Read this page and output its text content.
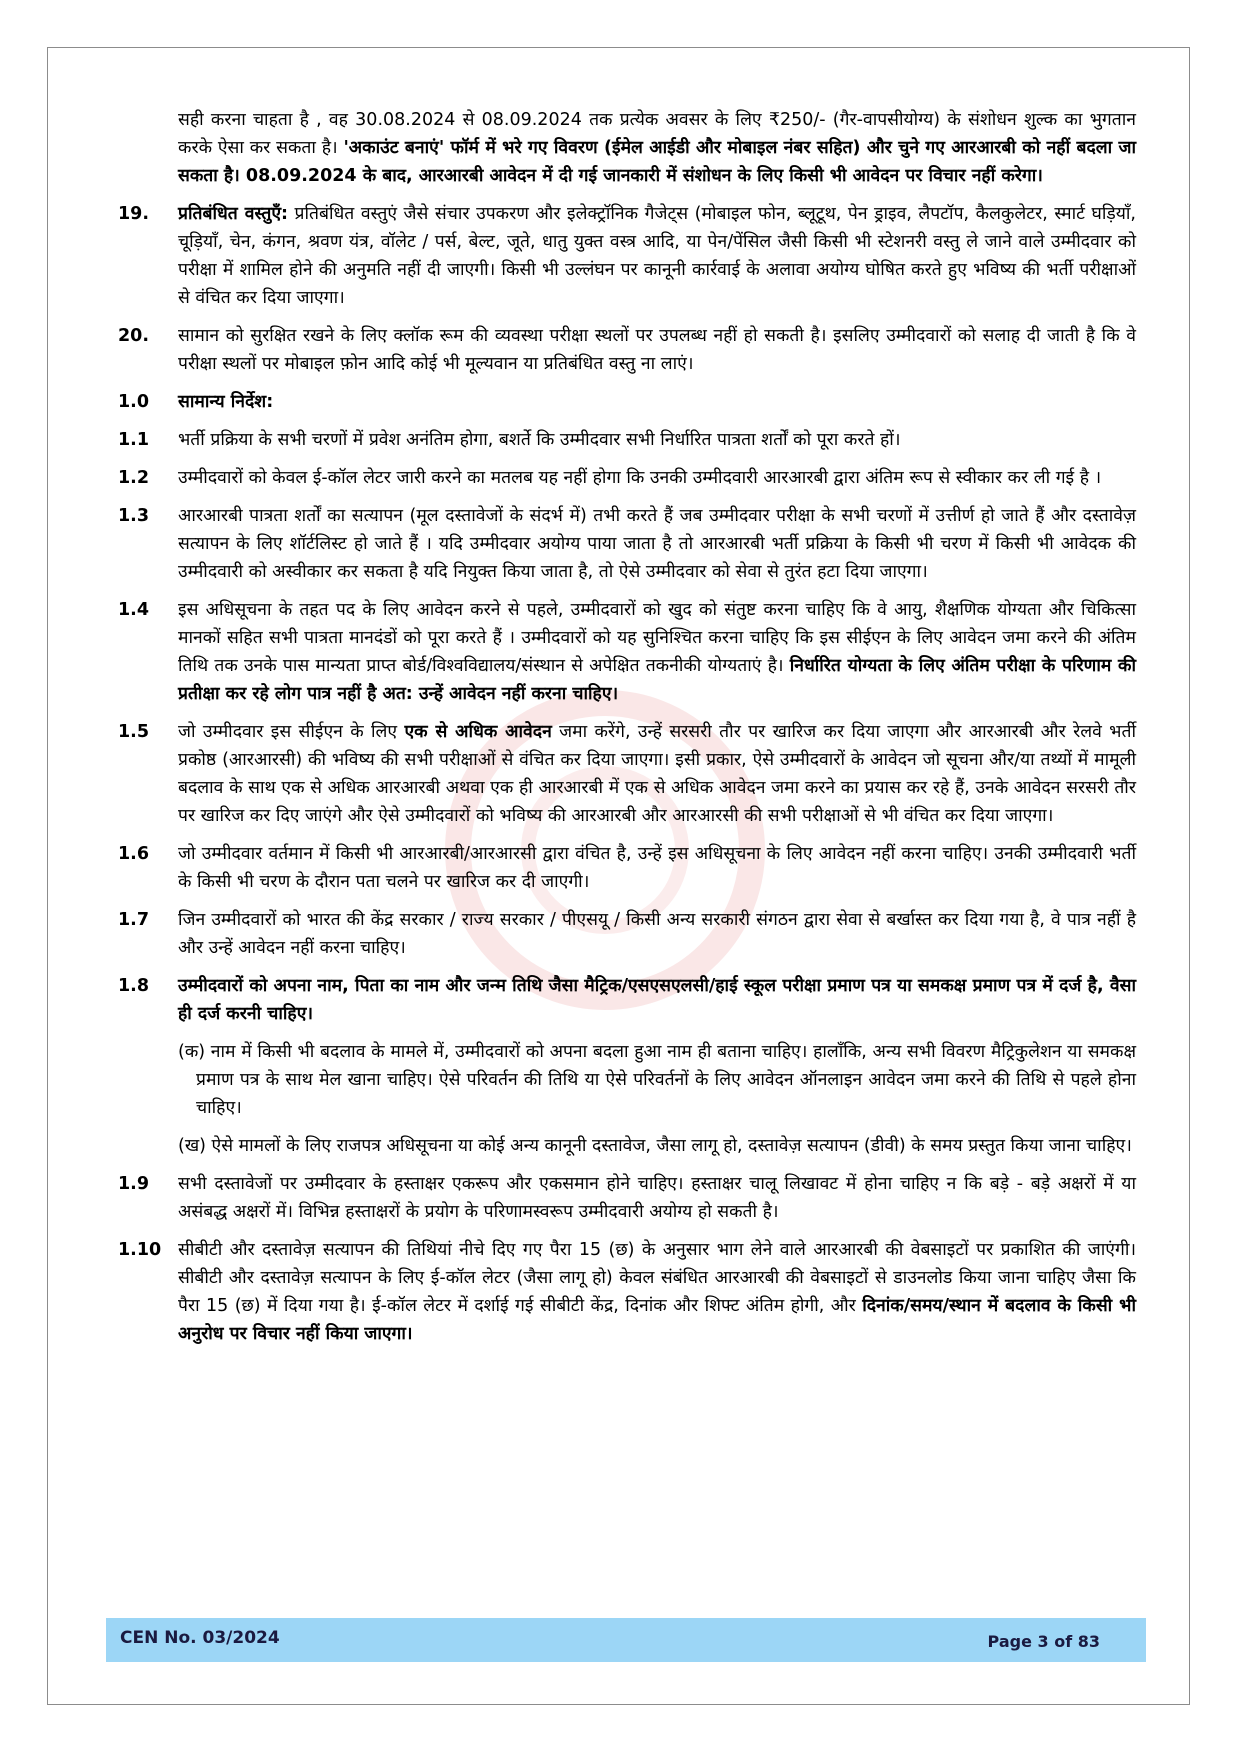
सही करना चाहता है , वह 30.08.2024 से 08.09.2024 तक प्रत्येक अवसर के लिए ₹250/- (गैर-वापसीयोग्य) के संशोधन शुल्क का भुगतान करके ऐसा कर सकता है। 'अकाउंट बनाएं' फॉर्म में भरे गए विवरण (ईमेल आईडी और मोबाइल नंबर सहित) और चुने गए आरआरबी को नहीं बदला जा सकता है। 08.09.2024 के बाद, आरआरबी आवेदन में दी गई जानकारी में संशोधन के लिए किसी भी आवेदन पर विचार नहीं करेगा।

19. प्रतिबंधित वस्तुएँ: प्रतिबंधित वस्तुएं जैसे संचार उपकरण और इलेक्ट्रॉनिक गैजेट्स (मोबाइल फोन, ब्लूटूथ, पेन ड्राइव, लैपटॉप, कैलकुलेटर, स्मार्ट घड़ियाँ, चूड़ियाँ, चेन, कंगन, श्रवण यंत्र, वॉलेट / पर्स, बेल्ट, जूते, धातु युक्त वस्त्र आदि, या पेन/पेंसिल जैसी किसी भी स्टेशनरी वस्तु ले जाने वाले उम्मीदवार को परीक्षा में शामिल होने की अनुमति नहीं दी जाएगी। किसी भी उल्लंघन पर कानूनी कार्रवाई के अलावा अयोग्य घोषित करते हुए भविष्य की भर्ती परीक्षाओं से वंचित कर दिया जाएगा।

20. सामान को सुरक्षित रखने के लिए क्लॉक रूम की व्यवस्था परीक्षा स्थलों पर उपलब्ध नहीं हो सकती है। इसलिए उम्मीदवारों को सलाह दी जाती है कि वे परीक्षा स्थलों पर मोबाइल फ़ोन आदि कोई भी मूल्यवान या प्रतिबंधित वस्तु ना लाएं।

1.0 सामान्य निर्देश:

1.1 भर्ती प्रक्रिया के सभी चरणों में प्रवेश अनंतिम होगा, बशर्ते कि उम्मीदवार सभी निर्धारित पात्रता शर्तों को पूरा करते हों।

1.2 उम्मीदवारों को केवल ई-कॉल लेटर जारी करने का मतलब यह नहीं होगा कि उनकी उम्मीदवारी आरआरबी द्वारा अंतिम रूप से स्वीकार कर ली गई है ।

1.3 आरआरबी पात्रता शर्तों का सत्यापन (मूल दस्तावेजों के संदर्भ में) तभी करते हैं जब उम्मीदवार परीक्षा के सभी चरणों में उत्तीर्ण हो जाते हैं और दस्तावेज़ सत्यापन के लिए शॉर्टलिस्ट हो जाते हैं । यदि उम्मीदवार अयोग्य पाया जाता है तो आरआरबी भर्ती प्रक्रिया के किसी भी चरण में किसी भी आवेदक की उम्मीदवारी को अस्वीकार कर सकता है यदि नियुक्त किया जाता है, तो ऐसे उम्मीदवार को सेवा से तुरंत हटा दिया जाएगा।

1.4 इस अधिसूचना के तहत पद के लिए आवेदन करने से पहले, उम्मीदवारों को खुद को संतुष्ट करना चाहिए कि वे आयु, शैक्षणिक योग्यता और चिकित्सा मानकों सहित सभी पात्रता मानदंडों को पूरा करते हैं । उम्मीदवारों को यह सुनिश्चित करना चाहिए कि इस सीईएन के लिए आवेदन जमा करने की अंतिम तिथि तक उनके पास मान्यता प्राप्त बोर्ड/विश्वविद्यालय/संस्थान से अपेक्षित तकनीकी योग्यताएं है। निर्धारित योग्यता के लिए अंतिम परीक्षा के परिणाम की प्रतीक्षा कर रहे लोग पात्र नहीं है अत: उन्हें आवेदन नहीं करना चाहिए।

1.5 जो उम्मीदवार इस सीईएन के लिए एक से अधिक आवेदन जमा करेंगे, उन्हें सरसरी तौर पर खारिज कर दिया जाएगा और आरआरबी और रेलवे भर्ती प्रकोष्ठ (आरआरसी) की भविष्य की सभी परीक्षाओं से वंचित कर दिया जाएगा। इसी प्रकार, ऐसे उम्मीदवारों के आवेदन जो सूचना और/या तथ्यों में मामूली बदलाव के साथ एक से अधिक आरआरबी अथवा एक ही आरआरबी में एक से अधिक आवेदन जमा करने का प्रयास कर रहे हैं, उनके आवेदन सरसरी तौर पर खारिज कर दिए जाएंगे और ऐसे उम्मीदवारों को भविष्य की आरआरबी और आरआरसी की सभी परीक्षाओं से भी वंचित कर दिया जाएगा।

1.6 जो उम्मीदवार वर्तमान में किसी भी आरआरबी/आरआरसी द्वारा वंचित है, उन्हें इस अधिसूचना के लिए आवेदन नहीं करना चाहिए। उनकी उम्मीदवारी भर्ती के किसी भी चरण के दौरान पता चलने पर खारिज कर दी जाएगी।

1.7 जिन उम्मीदवारों को भारत की केंद्र सरकार / राज्य सरकार / पीएसयू / किसी अन्य सरकारी संगठन द्वारा सेवा से बर्खास्त कर दिया गया है, वे पात्र नहीं है और उन्हें आवेदन नहीं करना चाहिए।

1.8 उम्मीदवारों को अपना नाम, पिता का नाम और जन्म तिथि जैसा मैट्रिक/एसएसएलसी/हाई स्कूल परीक्षा प्रमाण पत्र या समकक्ष प्रमाण पत्र में दर्ज है, वैसा ही दर्ज करनी चाहिए।

(क) नाम में किसी भी बदलाव के मामले में, उम्मीदवारों को अपना बदला हुआ नाम ही बताना चाहिए। हालाँकि, अन्य सभी विवरण मैट्रिकुलेशन या समकक्ष प्रमाण पत्र के साथ मेल खाना चाहिए। ऐसे परिवर्तन की तिथि या ऐसे परिवर्तनों के लिए आवेदन ऑनलाइन आवेदन जमा करने की तिथि से पहले होना चाहिए।
(ख) ऐसे मामलों के लिए राजपत्र अधिसूचना या कोई अन्य कानूनी दस्तावेज, जैसा लागू हो, दस्तावेज़ सत्यापन (डीवी) के समय प्रस्तुत किया जाना चाहिए।

1.9 सभी दस्तावेजों पर उम्मीदवार के हस्ताक्षर एकरूप और एकसमान होने चाहिए। हस्ताक्षर चालू लिखावट में होना चाहिए न कि बड़े - बड़े अक्षरों में या असंबद्ध अक्षरों में। विभिन्न हस्ताक्षरों के प्रयोग के परिणामस्वरूप उम्मीदवारी अयोग्य हो सकती है।

1.10 सीबीटी और दस्तावेज़ सत्यापन की तिथियां नीचे दिए गए पैरा 15 (छ) के अनुसार भाग लेने वाले आरआरबी की वेबसाइटों पर प्रकाशित की जाएंगी। सीबीटी और दस्तावेज़ सत्यापन के लिए ई-कॉल लेटर (जैसा लागू हो) केवल संबंधित आरआरबी की वेबसाइटों से डाउनलोड किया जाना चाहिए जैसा कि पैरा 15 (छ) में दिया गया है। ई-कॉल लेटर में दर्शाई गई सीबीटी केंद्र, दिनांक और शिफ्ट अंतिम होगी, और दिनांक/समय/स्थान में बदलाव के किसी भी अनुरोध पर विचार नहीं किया जाएगा।

CEN No. 03/2024	Page 3 of 83
